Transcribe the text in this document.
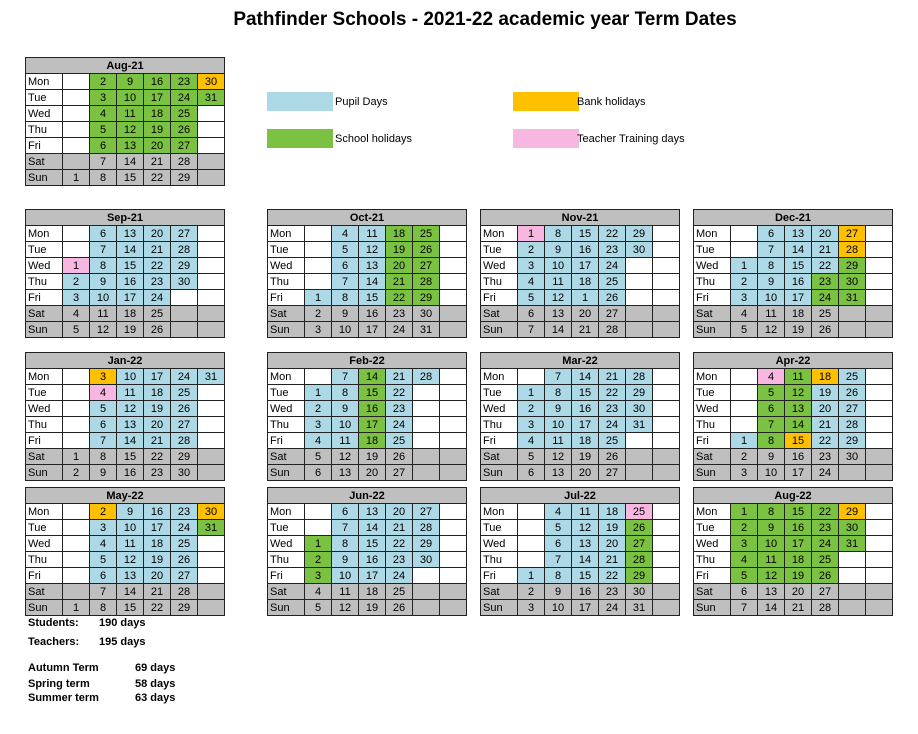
Pathfinder Schools - 2021-22 academic year Term Dates
Pupil Days	Bank holidays
School holidays	Teacher Training days
Aug-21						
Mon		2	9	16	23	30
Tue		3	10	17	24	31
Wed		4	11	18	25	
Thu		5	12	19	26	
Fri		6	13	20	27	
Sat		7	14	21	28	
Sun	1	8	15	22	29	
Sep-21						
Mon		6	13	20	27	
Tue		7	14	21	28	
Wed	1	8	15	22	29	
Thu	2	9	16	23	30	
Fri	3	10	17	24		
Sat	4	11	18	25		
Sun	5	12	19	26		
Oct-21						
Mon		4	11	18	25	
Tue		5	12	19	26	
Wed		6	13	20	27	
Thu		7	14	21	28	
Fri	1	8	15	22	29	
Sat	2	9	16	23	30	
Sun	3	10	17	24	31	
Nov-21						
Mon	1	8	15	22	29	
Tue	2	9	16	23	30	
Wed	3	10	17	24		
Thu	4	11	18	25		
Fri	5	12	1	26		
Sat	6	13	20	27		
Sun	7	14	21	28		
Dec-21						
Mon		6	13	20	27	
Tue		7	14	21	28	
Wed	1	8	15	22	29	
Thu	2	9	16	23	30	
Fri	3	10	17	24	31	
Sat	4	11	18	25		
Sun	5	12	19	26		
Jan-22						
Mon		3	10	17	24	31
Tue		4	11	18	25	
Wed		5	12	19	26	
Thu		6	13	20	27	
Fri		7	14	21	28	
Sat	1	8	15	22	29	
Sun	2	9	16	23	30	
Feb-22						
Mon		7	14	21	28	
Tue	1	8	15	22		
Wed	2	9	16	23		
Thu	3	10	17	24		
Fri	4	11	18	25		
Sat	5	12	19	26		
Sun	6	13	20	27		
Mar-22						
Mon		7	14	21	28	
Tue	1	8	15	22	29	
Wed	2	9	16	23	30	
Thu	3	10	17	24	31	
Fri	4	11	18	25		
Sat	5	12	19	26		
Sun	6	13	20	27		
Apr-22						
Mon		4	11	18	25	
Tue		5	12	19	26	
Wed		6	13	20	27	
Thu		7	14	21	28	
Fri	1	8	15	22	29	
Sat	2	9	16	23	30	
Sun	3	10	17	24		
May-22						
Mon		2	9	16	23	30
Tue		3	10	17	24	31
Wed		4	11	18	25	
Thu		5	12	19	26	
Fri		6	13	20	27	
Sat		7	14	21	28	
Sun	1	8	15	22	29	
Jun-22						
Mon		6	13	20	27	
Tue		7	14	21	28	
Wed	1	8	15	22	29	
Thu	2	9	16	23	30	
Fri	3	10	17	24		
Sat	4	11	18	25		
Sun	5	12	19	26		
Jul-22						
Mon		4	11	18	25	
Tue		5	12	19	26	
Wed		6	13	20	27	
Thu		7	14	21	28	
Fri	1	8	15	22	29	
Sat	2	9	16	23	30	
Sun	3	10	17	24	31	
Aug-22						
Mon	1	8	15	22	29	
Tue	2	9	16	23	30	
Wed	3	10	17	24	31	
Thu	4	11	18	25		
Fri	5	12	19	26		
Sat	6	13	20	27		
Sun	7	14	21	28		
Students: 190 days
Teachers: 195 days
Autumn Term	69 days
Spring term	58 days
Summer term	63 days
